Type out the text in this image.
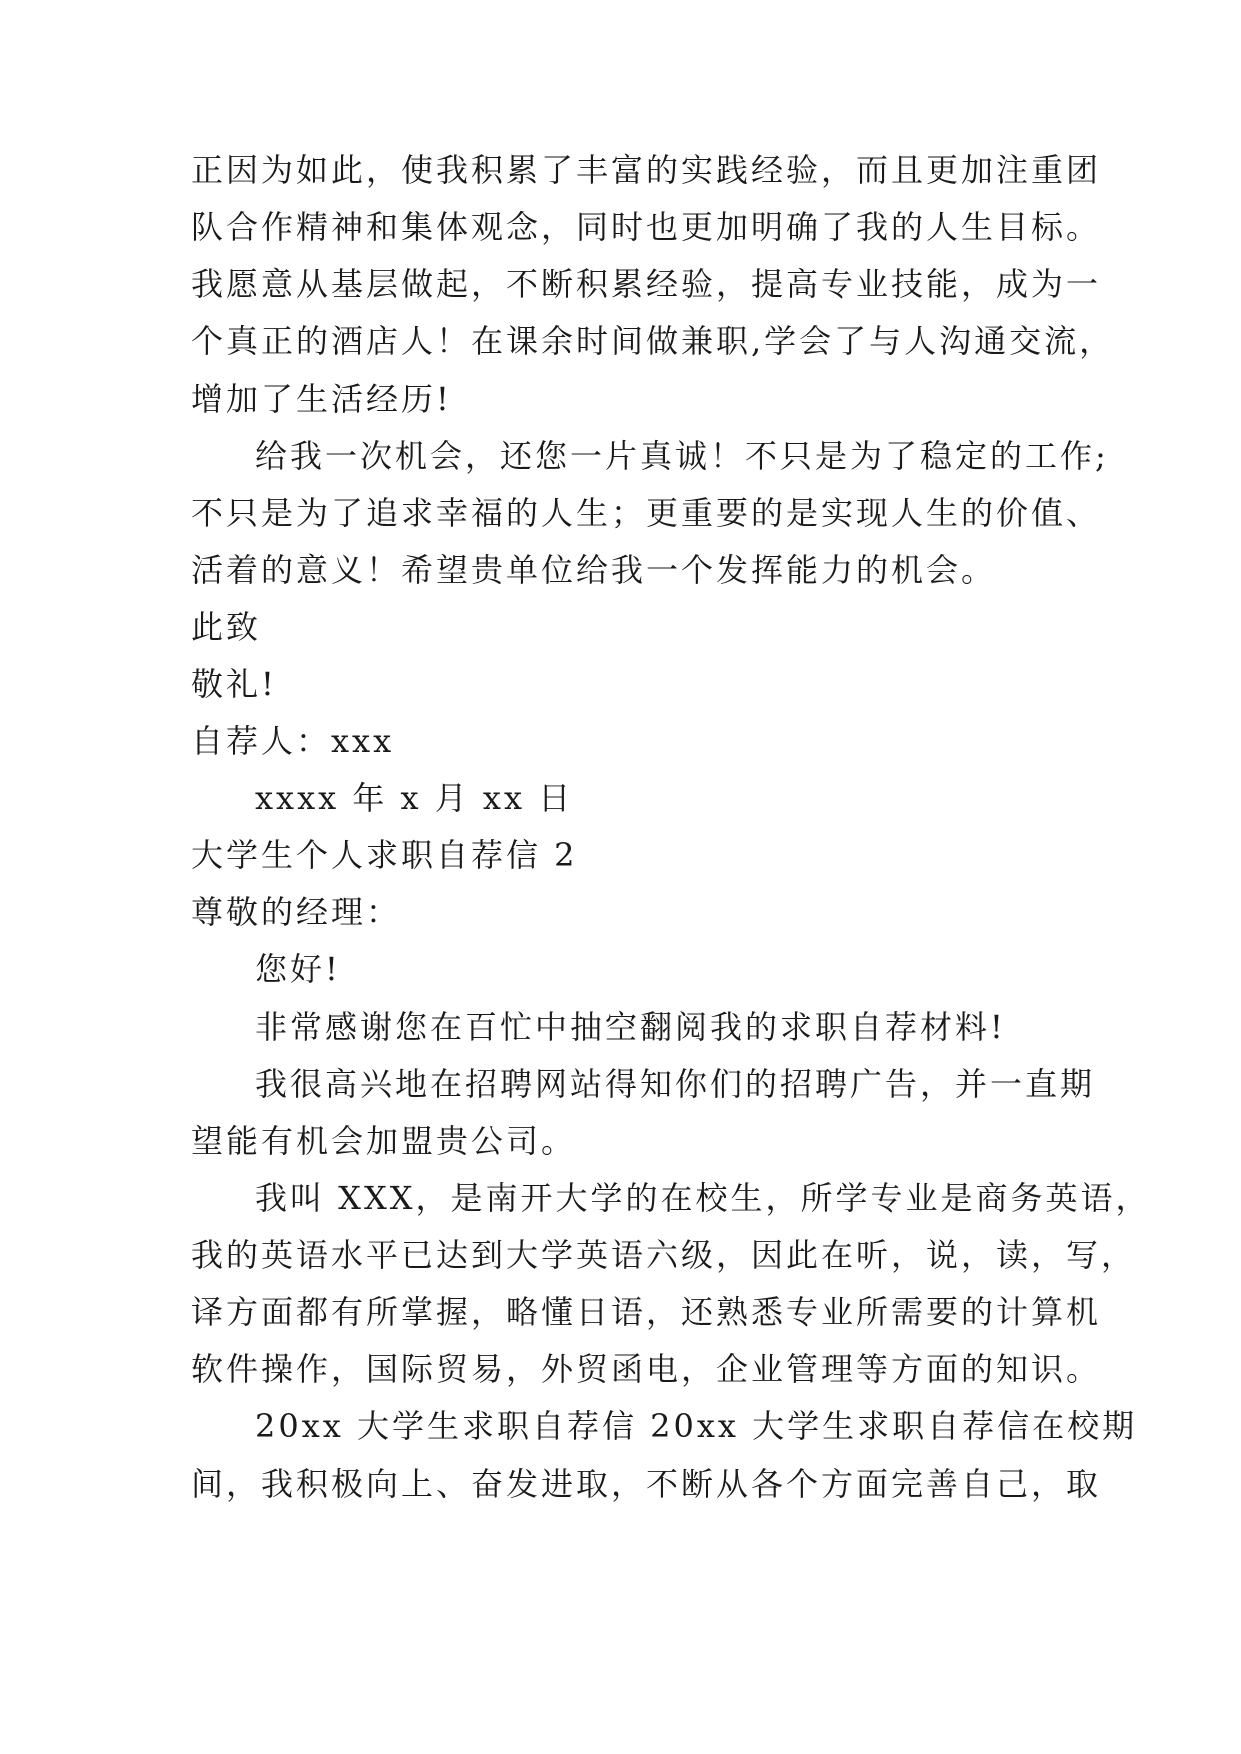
正因为如此，使我积累了丰富的实践经验，而且更加注重团
队合作精神和集体观念，同时也更加明确了我的人生目标。
我愿意从基层做起，不断积累经验，提高专业技能，成为一
个真正的酒店人！在课余时间做兼职,学会了与人沟通交流，
增加了生活经历!
给我一次机会，还您一片真诚！不只是为了稳定的工作;
不只是为了追求幸福的人生；更重要的是实现人生的价值、
活着的意义！希望贵单位给我一个发挥能力的机会。
此致
敬礼!
自荐人：xxx
xxxx 年 x 月 xx 日
大学生个人求职自荐信 2
尊敬的经理：
您好!
非常感谢您在百忙中抽空翻阅我的求职自荐材料!
我很高兴地在招聘网站得知你们的招聘广告，并一直期
望能有机会加盟贵公司。
我叫 XXX，是南开大学的在校生，所学专业是商务英语，
我的英语水平已达到大学英语六级，因此在听，说，读，写，
译方面都有所掌握，略懂日语，还熟悉专业所需要的计算机
软件操作，国际贸易，外贸函电，企业管理等方面的知识。
20xx 大学生求职自荐信 20xx 大学生求职自荐信在校期
间，我积极向上、奋发进取，不断从各个方面完善自己，取
